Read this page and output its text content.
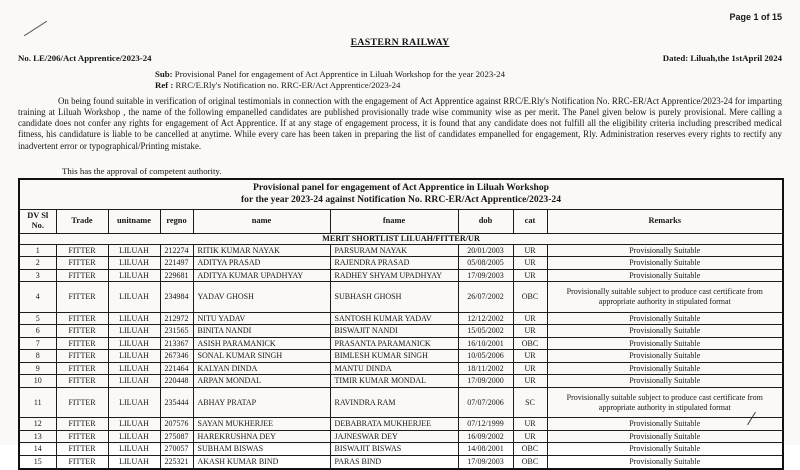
Page 1 of 15
EASTERN RAILWAY
No. LE/206/Act Apprentice/2023-24	Dated: Liluah,the 1stApril 2024
Sub: Provisional Panel for engagement of Act Apprentice in Liluah Workshop for the year 2023-24
Ref : RRC/E.Rly's Notification no. RRC-ER/Act Apprentice/2023-24
On being found suitable in verification of original testimonials in connection with the engagement of Act Apprentice against RRC/E.Rly's Notification No. RRC-ER/Act Apprentice/2023-24 for imparting training at Liluah Workshop , the name of the following empanelled candidates are published provisionally trade wise community wise as per merit. The Panel given below is purely provisional. Mere calling a candidate does not confer any rights for engagement of Act Apprentice. If at any stage of engagement process, it is found that any candidate does not fulfill all the eligibility criteria including prescribed medical fitness, his candidature is liable to be cancelled at anytime. While every care has been taken in preparing the list of candidates empanelled for engagement, Rly. Administration reserves every rights to rectify any inadvertent error or typographical/Printing mistake.
This has the approval of competent authority.
Provisional panel for engagement of Act Apprentice in Liluah Workshop
for the year 2023-24 against Notification No. RRC-ER/Act Apprentice/2023-24								

DV Sl No.	Trade	unitname	regno	name	fname	dob	cat	Remarks
MERIT SHORTLIST LILUAH/FITTER/UR								
1	FITTER	LILUAH	212274	RITIK KUMAR NAYAK	PARSURAM NAYAK	20/01/2003	UR	Provisionally Suitable
2	FITTER	LILUAH	221497	ADITYA PRASAD	RAJENDRA PRASAD	05/08/2005	UR	Provisionally Suitable
3	FITTER	LILUAH	229681	ADITYA KUMAR UPADHYAY	RADHEY SHYAM UPADHYAY	17/09/2003	UR	Provisionally Suitable
4	FITTER	LILUAH	234984	YADAV GHOSH	SUBHASH GHOSH	26/07/2002	OBC	Provisionally suitable subject to produce cast certificate from appropriate authority in stipulated format
5	FITTER	LILUAH	212972	NITU YADAV	SANTOSH KUMAR YADAV	12/12/2002	UR	Provisionally Suitable
6	FITTER	LILUAH	231565	BINITA NANDI	BISWAJIT NANDI	15/05/2002	UR	Provisionally Suitable
7	FITTER	LILUAH	213367	ASISH PARAMANICK	PRASANTA PARAMANICK	16/10/2001	OBC	Provisionally Suitable
8	FITTER	LILUAH	267346	SONAL KUMAR SINGH	BIMLESH KUMAR SINGH	10/05/2006	UR	Provisionally Suitable
9	FITTER	LILUAH	221464	KALYAN DINDA	MANTU DINDA	18/11/2002	UR	Provisionally Suitable
10	FITTER	LILUAH	220448	ARPAN MONDAL	TIMIR KUMAR MONDAL	17/09/2000	UR	Provisionally Suitable
11	FITTER	LILUAH	235444	ABHAY PRATAP	RAVINDRA RAM	07/07/2006	SC	Provisionally suitable subject to produce cast certificate from appropriate authority in stipulated format
12	FITTER	LILUAH	207576	SAYAN MUKHERJEE	DEBABRATA MUKHERJEE	07/12/1999	UR	Provisionally Suitable
13	FITTER	LILUAH	275087	HAREKRUSHNA DEY	JAJNESWAR DEY	16/09/2002	UR	Provisionally Suitable
14	FITTER	LILUAH	270057	SUBHAM BISWAS	BISWAJIT BISWAS	14/08/2001	OBC	Provisionally Suitable
15	FITTER	LILUAH	225321	AKASH KUMAR BIND	PARAS BIND	17/09/2003	OBC	Provisionally Suitable
